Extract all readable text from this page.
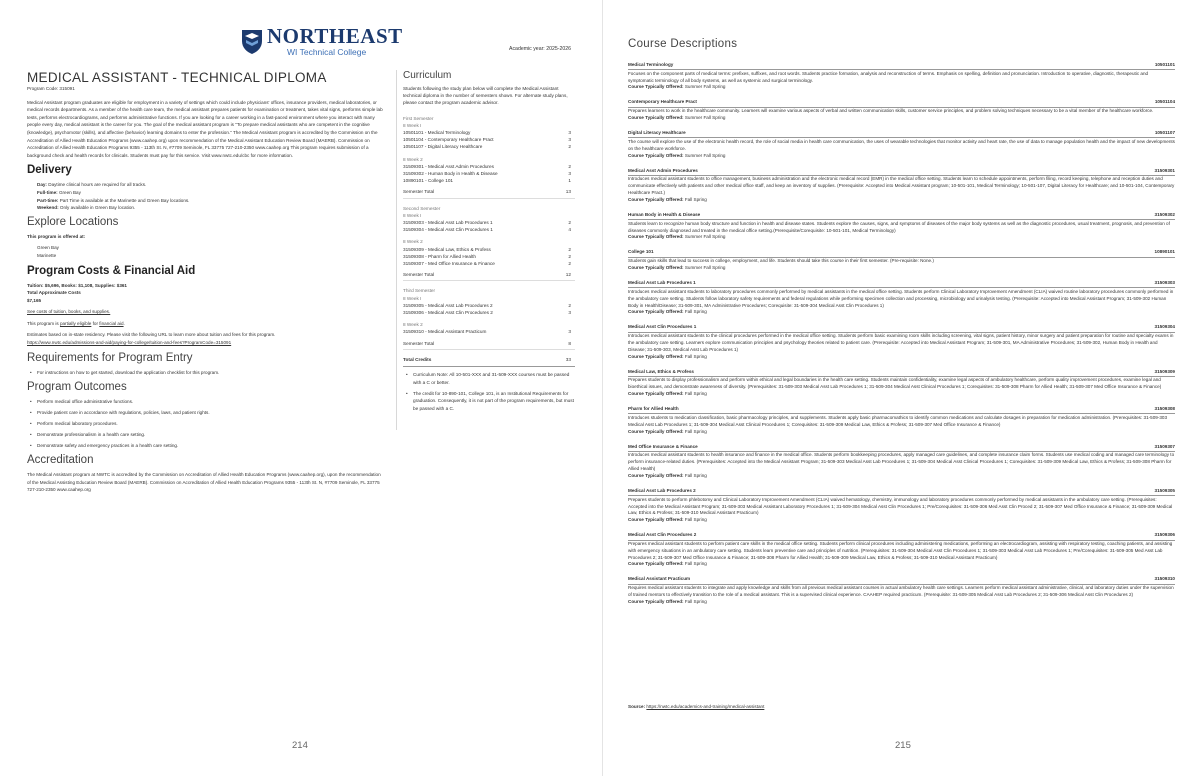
NORTHEAST
WI Technical College	Academic year: 2025-2026
MEDICAL ASSISTANT - TECHNICAL DIPLOMA
Program Code: 315091

Medical Assistant program graduates are eligible for employment in a variety of settings which could include physicians' offices, insurance providers, medical laboratories, or medical records departments. As a member of the health care team, the medical assistant prepares patients for examination or treatment, takes vital signs, performs simple lab tests, performs electrocardiograms, and performs administrative functions. If you are looking for a career working in a fast-paced environment where you interact with many people every day, medical assistant is the career for you. The goal of the medical assistant program is "To prepare medical assistants who are competent in the cognitive (knowledge), psychomotor (skills), and affective (behavior) learning domains to enter the profession." The Medical Assistant program is accredited by the Commission on the Accreditation of Allied Health Education Programs (www.caahep.org) upon recommendation of the Medical Assistant Education Review Board (MAERB). Commission on Accreditation of Allied Health Education Programs 9355 - 113th St. N, #7709 Seminole, FL 33775 727-210-2350 www.caahep.org This program requires submission of a background check and health records for clinicals. Students must pay for this service. Visit www.nwtc.edu/cbc for more information.

Delivery
Day: Daytime clinical hours are required for all tracks.
Full-time: Green Bay
Part-time: Part Time is available at the Marinette and Green Bay locations.
Weekend: Only available in Green Bay location.
Explore Locations

This program is offered at:

Green Bay
Marinette
Program Costs & Financial Aid
Tuition: $5,696, Books: $1,108, Supplies: $361
Total Approximate Costs

$7,165

See costs of tuition, books, and supplies.

This program is partially eligible for financial aid.

Estimates based on in-state residency. Please visit the following URL to learn more about tuition and fees for this program.

https://www.nwtc.edu/admissions-and-aid/paying-for-college/tuition-and-fees?ProgramCode=315091

Requirements for Program Entry
• For instructions on how to get started, download the application checklist for this program.
Program Outcomes
• Perform medical office administrative functions.
• Provide patient care in accordance with regulations, policies, laws, and patient rights.
• Perform medical laboratory procedures.
• Demonstrate professionalism in a health care setting.
• Demonstrate safety and emergency practices in a health care setting.
Accreditation

The Medical Assistant program at NWTC is accredited by the Commission on Accreditation of Allied Health Education Programs (www.caahep.org), upon the recommendation of the Medical Assisting Education Review Board (MAERB). Commission on Accreditation of Allied Health Education Programs 9355 - 113th St. N, #7709 Seminole, FL 33775 727-210-2350 www.caahep.org

Curriculum
Students following the study plan below will complete the Medical Assistant technical diploma in the number of semesters shown. For alternate study plans, please contact the program academic advisor.
First Semester
8 Week I
10501101 - Medical Terminology	3
10501104 - Contemporary Healthcare Pract	3
10501107 - Digital Literacy Healthcare	2
8 Week 2
31509301 - Medical Asst Admin Procedures	2
31509302 - Human Body in Health & Disease	3
10890101 - College 101	1
Semester Total	13
Second Semester
8 Week I
31509303 - Medical Asst Lab Procedures 1	2
31509304 - Medical Asst Clin Procedures 1	4
8 Week 2
31509309 - Medical Law, Ethics & Profess	2
31509308 - Pharm for Allied Health	2
31509307 - Med Office Insurance & Finance	2
Semester Total	12
Third Semester
8 Week I
31509305 - Medical Asst Lab Procedures 2	2
31509306 - Medical Asst Clin Procedures 2	3
8 Week 2
31509310 - Medical Assistant Practicum	3
Semester Total	8
Total Credits	33
• Curriculum Note: All 10-501-XXX and 31-509-XXX courses must be passed with a C or better.
• The credit for 10-890-101, College 101, is an Institutional Requirements for graduation. Consequently, it is not part of the program requirements, but must be passed with a C.
214
Course Descriptions
Medical Terminology	10501101
Focuses on the component parts of medical terms: prefixes, suffixes, and root words. Students practice formation, analysis and reconstruction of terms. Emphasis on spelling, definition and pronunciation. Introduction to operative, diagnostic, therapeutic and symptomatic terminology of all body systems, as well as systemic and surgical terminology.
Course Typically Offered: Summer Fall Spring
Contemporary Healthcare Pract	10501104
Prepares learners to work in the healthcare community. Learners will examine various aspects of verbal and written communication skills, customer service principles, and problem solving techniques necessary to be a vital member of the healthcare workforce.
Course Typically Offered: Summer Fall Spring
Digital Literacy Healthcare	10501107
The course will explore the use of the electronic health record, the role of social media in health care communication, the uses of wearable technologies that monitor activity and heart rate, the use of data to manage population health and the impact of new developments on the healthcare workforce.
Course Typically Offered: Summer Fall Spring
Medical Asst Admin Procedures	31509301
Introduces medical assistant students to office management, business administration and the electronic medical record (EMR) in the medical office setting. Students learn to schedule appointments, perform filing, record keeping, telephone and reception duties and communicate effectively with patients and other medical office staff, and keep an inventory of supplies. (Prerequisite: Accepted into Medical Assistant program; 10-501-101, Medical Terminology; 10-501-107, Digital Literacy for Healthcare; and 10-501-104, Contemporary Healthcare Pract.)
Course Typically Offered: Fall Spring
Human Body in Health & Disease	31509302
Students learn to recognize human body structure and function in health and disease states. Students explore the causes, signs, and symptoms of diseases of the major body systems as well as the diagnostic procedures, usual treatment, prognosis, and prevention of diseases commonly diagnosed and treated in the medical office setting.(Prerequisite/Corequisite: 10-501-101, Medical Terminology)
Course Typically Offered: Summer Fall Spring
College 101	10890101
Students gain skills that lead to success in college, employment, and life. Students should take this course in their first semester. (Pre-requisite: None.)
Course Typically Offered: Summer Fall Spring
Medical Asst Lab Procedures 1	31509303
Introduces medical assistant students to laboratory procedures commonly performed by medical assistants in the medical office setting. Students perform Clinical Laboratory Improvement Amendment (CLIA) waived routine laboratory procedures commonly performed in the ambulatory care setting. Students follow laboratory safety requirements and federal regulations while performing specimen collection and processing, microbiology and urinalysis testing. (Prerequisite: Accepted into Medical Assistant Program; 31-509-302 Human Body in Health/Disease; 31-509-301, MA Administrative Procedures; Corequisite: 31-509-304 Medical Asst Clin Procedures 1)
Course Typically Offered: Fall Spring
Medical Asst Clin Procedures 1	31509304
Introduces medical assistant students to the clinical procedures performed in the medical office setting. Students perform basic examining room skills including screening, vital signs, patient history, minor surgery and patient preparation for routine and specialty exams in the ambulatory care setting. Learners explore communication principles and psychology theories related to patient care. (Prerequisite: Accepted into Medical Assistant Program; 31-509-301, MA Administrative Procedures; 31-509-302, Human Body in Health and Disease; 31-509-303, Medical Asst Lab Procedures 1)
Course Typically Offered: Fall Spring
Medical Law, Ethics & Profess	31509309
Prepares students to display professionalism and perform within ethical and legal boundaries in the health care setting. Students maintain confidentiality, examine legal aspects of ambulatory healthcare, perform quality improvement procedures, examine legal and bioethical issues, and demonstrate awareness of diversity. (Prerequisites: 31-509-303 Medical Asst Lab Procedures 1; 31-509-304 Medical Asst Clinical Procedures 1; Corequisites: 31-509-308 Pharm for Allied Health; 31-509-307 Med Office Insurance & Finance)
Course Typically Offered: Fall Spring
Pharm for Allied Health	31509308
Introduces students to medication classification, basic pharmacology principles, and supplements. Students apply basic pharmacomathics to identify common medications and calculate dosages in preparation for medication administration. (Prerequisites: 31-509-303 Medical Asst Lab Procedures 1; 31-509-304 Medical Asst Clinical Procedures 1; Corequisites: 31-509-309 Medical Law, Ethics & Profess; 31-509-307 Med Office Insurance & Finance)
Course Typically Offered: Fall Spring
Med Office Insurance & Finance	31509307
Introduces medical assistant students to health insurance and finance in the medical office. Students perform bookkeeping procedures, apply managed care guidelines, and complete insurance claim forms. Students use medical coding and managed care terminology to perform insurance-related duties. (Prerequisites: Accepted into the Medical Assistant Program; 31-509-303 Medical Asst Lab Procedures 1; 31-509-304 Medical Asst Clinical Procedures 1; Corequisites: 31-509-309 Medical Law, Ethics & Profess; 31-509-308 Pharm for Allied Health)
Course Typically Offered: Fall Spring
Medical Asst Lab Procedures 2	31509305
Prepares students to perform phlebotomy and Clinical Laboratory Improvement Amendment (CLIA) waived hematology, chemistry, immunology and laboratory procedures commonly performed by medical assistants in the ambulatory care setting. (Prerequisites: Accepted into the Medical Assistant Program; 31-509-303 Medical Assistant Laboratory Procedures 1; 31-509-304 Medical Asst Clin Procedures 1; Pre/Corequisites: 31-509-306 Med Asst Clin Proced 2; 31-509-307 Med Office Insurance & Finance; 31-509-309 Medical Law, Ethics & Profess; 31-509-310 Medical Assistant Practicum)
Course Typically Offered: Fall Spring
Medical Asst Clin Procedures 2	31509306
Prepares medical assistant students to perform patient care skills in the medical office setting. Students perform clinical procedures including administering medications, performing an electrocardiogram, assisting with respiratory testing, coaching patients, and assisting with emergency situations in an ambulatory care setting. Students learn preventive care and principles of nutrition. (Prerequisites: 31-509-304 Medical Asst Clin Procedures 1; 31-509-303 Medical Asst Lab Procedures 1; Pre/Corequisites: 31-509-305 Med Asst Lab Procedures 2; 31-509-307 Med Office Insurance & Finance; 31-509-308 Pharm for Allied Health; 31-509-309 Medical Law, Ethics & Profess; 31-509-310 Medical Assistant Practicum)
Course Typically Offered: Fall Spring
Medical Assistant Practicum	31509310
Requires medical assistant students to integrate and apply knowledge and skills from all previous medical assistant courses in actual ambulatory health care settings. Learners perform medical assistant administrative, clinical, and laboratory duties under the supervision of trained mentors to effectively transition to the role of a medical assistant. This is a supervised clinical experience. CAAHEP required practicum. (Prerequisite: 31-509-305 Medical Asst Lab Procedures 2; 31-509-306 Medical Asst Clin Procedures 2)
Course Typically Offered: Fall Spring
Source: https://nwtc.edu/academics-and-training/medical-assistant
215
